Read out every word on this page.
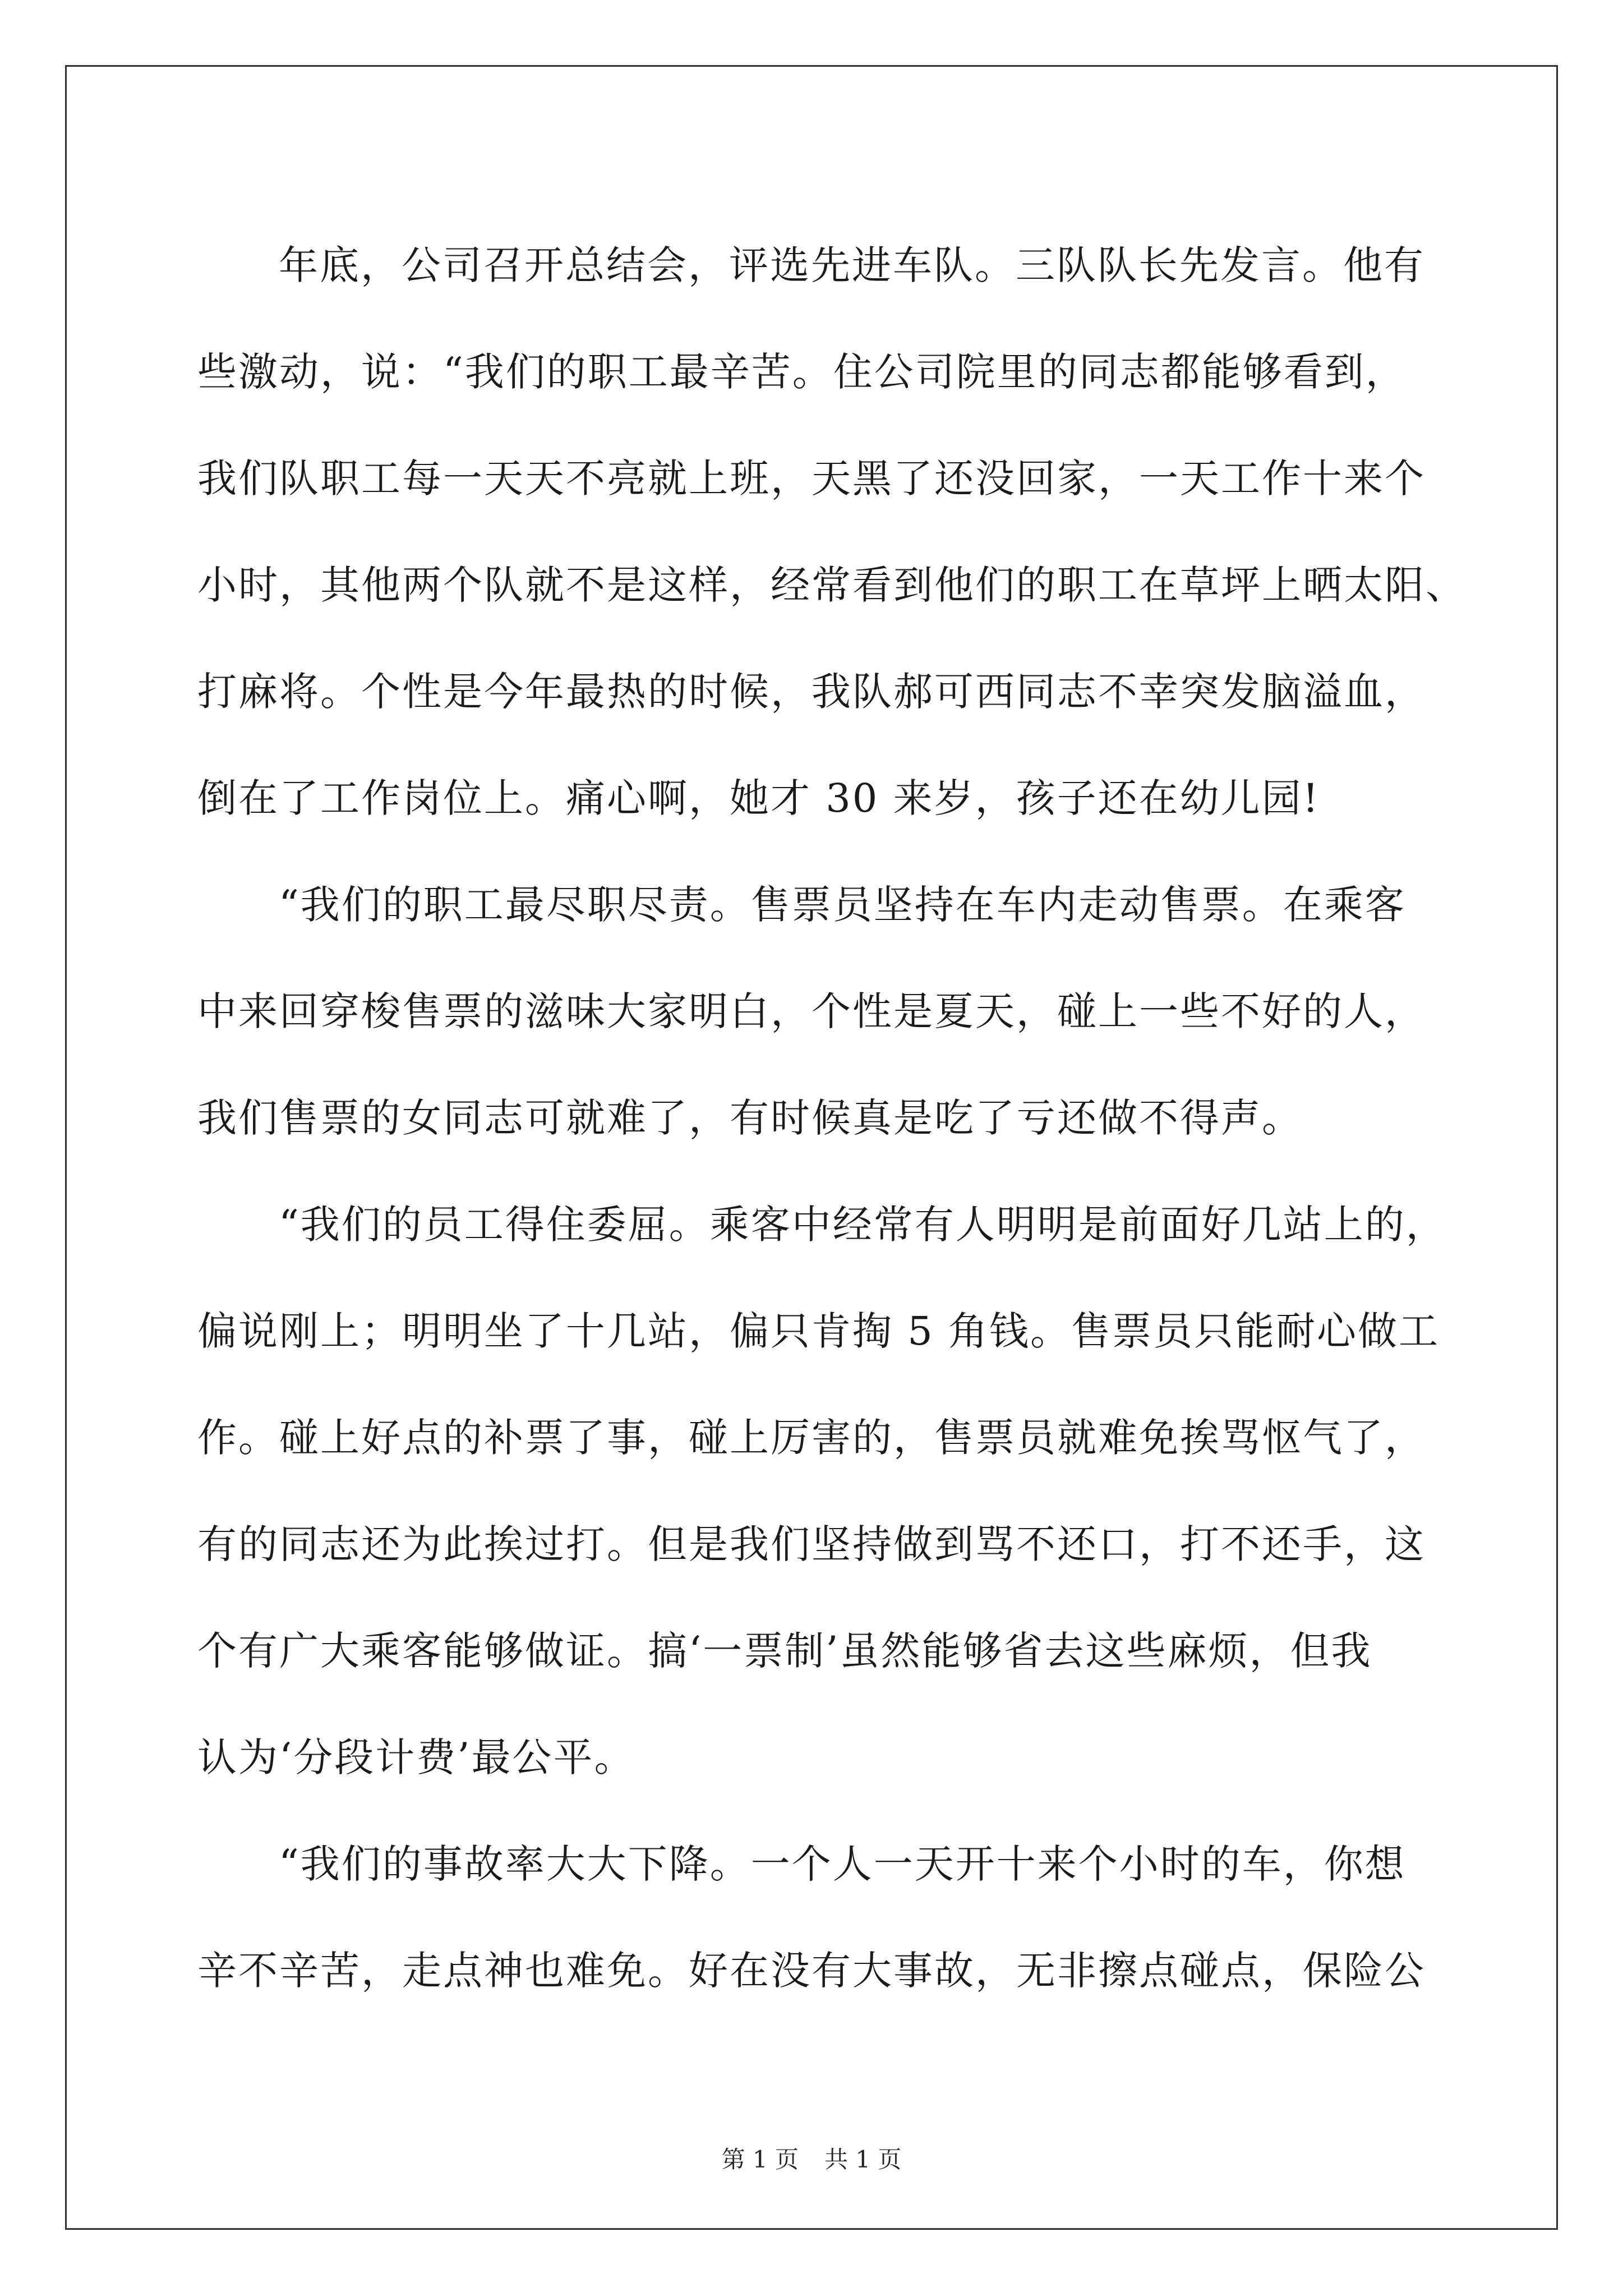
年底，公司召开总结会，评选先进车队。三队队长先发言。他有
些激动，说：“我们的职工最辛苦。住公司院里的同志都能够看到，
我们队职工每一天天不亮就上班，天黑了还没回家，一天工作十来个
小时，其他两个队就不是这样，经常看到他们的职工在草坪上晒太阳、
打麻将。个性是今年最热的时候，我队郝可西同志不幸突发脑溢血，
倒在了工作岗位上。痛心啊，她才 30 来岁，孩子还在幼儿园!
“我们的职工最尽职尽责。售票员坚持在车内走动售票。在乘客
中来回穿梭售票的滋味大家明白，个性是夏天，碰上一些不好的人，
我们售票的女同志可就难了，有时候真是吃了亏还做不得声。
“我们的员工得住委屈。乘客中经常有人明明是前面好几站上的，
偏说刚上；明明坐了十几站，偏只肯掏 5 角钱。售票员只能耐心做工
作。碰上好点的补票了事，碰上厉害的，售票员就难免挨骂怄气了，
有的同志还为此挨过打。但是我们坚持做到骂不还口，打不还手，这
个有广大乘客能够做证。搞‘一票制’虽然能够省去这些麻烦，但我
认为‘分段计费’最公平。
“我们的事故率大大下降。一个人一天开十来个小时的车，你想
辛不辛苦，走点神也难免。好在没有大事故，无非擦点碰点，保险公
第 1 页 共 1 页
